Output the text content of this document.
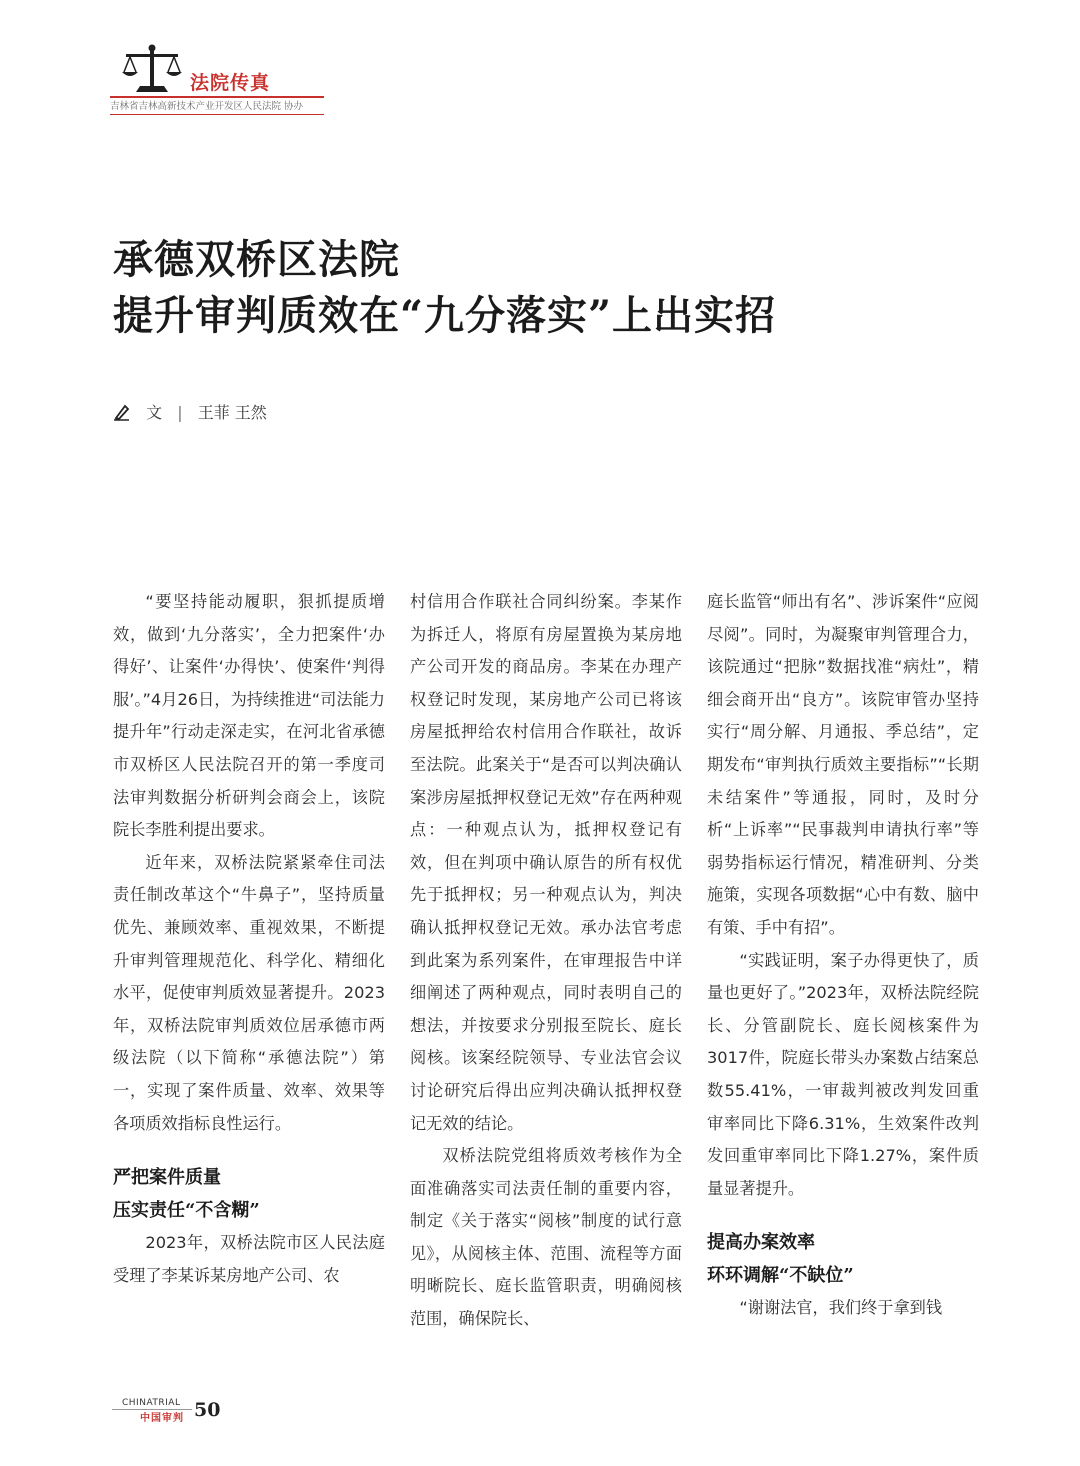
法院传真
吉林省吉林高新技术产业开发区人民法院 协办
承德双桥区法院
提升审判质效在“九分落实”上出实招
文 | 王菲 王然

“要坚持能动履职，狠抓提质增效，做到‘九分落实’，全力把案件‘办得好’、让案件‘办得快’、使案件‘判得服’。”4月26日，为持续推进“司法能力提升年”行动走深走实，在河北省承德市双桥区人民法院召开的第一季度司法审判数据分析研判会商会上，该院院长李胜利提出要求。

近年来，双桥法院紧紧牵住司法责任制改革这个“牛鼻子”，坚持质量优先、兼顾效率、重视效果，不断提升审判管理规范化、科学化、精细化水平，促使审判质效显著提升。2023年，双桥法院审判质效位居承德市两级法院（以下简称“承德法院”）第一，实现了案件质量、效率、效果等各项质效指标良性运行。

严把案件质量
压实责任“不含糊”

2023年，双桥法院市区人民法庭受理了李某诉某房地产公司、农

村信用合作联社合同纠纷案。李某作为拆迁人，将原有房屋置换为某房地产公司开发的商品房。李某在办理产权登记时发现，某房地产公司已将该房屋抵押给农村信用合作联社，故诉至法院。此案关于“是否可以判决确认案涉房屋抵押权登记无效”存在两种观点：一种观点认为，抵押权登记有效，但在判项中确认原告的所有权优先于抵押权；另一种观点认为，判决确认抵押权登记无效。承办法官考虑到此案为系列案件，在审理报告中详细阐述了两种观点，同时表明自己的想法，并按要求分别报至院长、庭长阅核。该案经院领导、专业法官会议讨论研究后得出应判决确认抵押权登记无效的结论。

双桥法院党组将质效考核作为全面准确落实司法责任制的重要内容，制定《关于落实“阅核”制度的试行意见》，从阅核主体、范围、流程等方面明晰院长、庭长监管职责，明确阅核范围，确保院长、

庭长监管“师出有名”、涉诉案件“应阅尽阅”。同时，为凝聚审判管理合力，该院通过“把脉”数据找准“病灶”，精细会商开出“良方”。该院审管办坚持实行“周分解、月通报、季总结”，定期发布“审判执行质效主要指标”“长期未结案件”等通报，同时，及时分析“上诉率”“民事裁判申请执行率”等弱势指标运行情况，精准研判、分类施策，实现各项数据“心中有数、脑中有策、手中有招”。

“实践证明，案子办得更快了，质量也更好了。”2023年，双桥法院经院长、分管副院长、庭长阅核案件为3017件，院庭长带头办案数占结案总数55.41%，一审裁判被改判发回重审率同比下降6.31%，生效案件改判发回重审率同比下降1.27%，案件质量显著提升。

提高办案效率
环环调解“不缺位”

“谢谢法官，我们终于拿到钱

CHINATRIAL
中国审判 50
